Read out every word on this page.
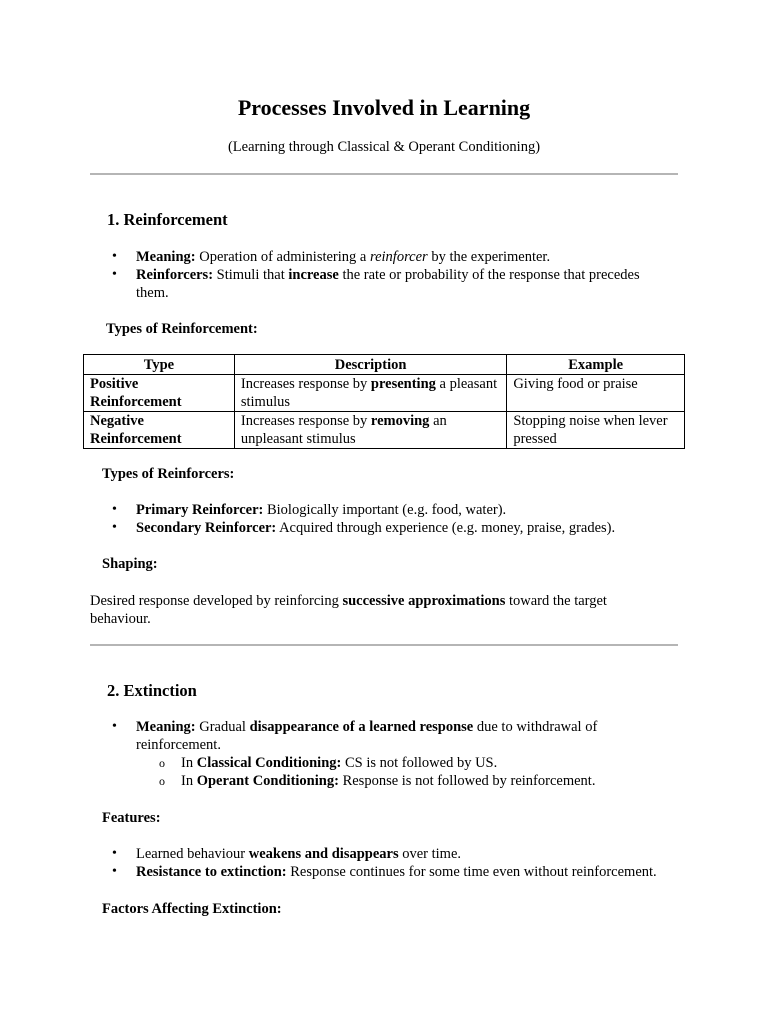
Processes Involved in Learning
(Learning through Classical & Operant Conditioning)
1. Reinforcement
• Meaning: Operation of administering a reinforcer by the experimenter.
• Reinforcers: Stimuli that increase the rate or probability of the response that precedes them.
Types of Reinforcement:
Type	Description	Example
Positive Reinforcement	Increases response by presenting a pleasant stimulus	Giving food or praise
Negative Reinforcement	Increases response by removing an unpleasant stimulus	Stopping noise when lever pressed
Types of Reinforcers:
• Primary Reinforcer: Biologically important (e.g. food, water).
• Secondary Reinforcer: Acquired through experience (e.g. money, praise, grades).
Shaping:
Desired response developed by reinforcing successive approximations toward the target behaviour.
2. Extinction
• Meaning: Gradual disappearance of a learned response due to withdrawal of reinforcement.
o In Classical Conditioning: CS is not followed by US.
o In Operant Conditioning: Response is not followed by reinforcement.
Features:
• Learned behaviour weakens and disappears over time.
• Resistance to extinction: Response continues for some time even without reinforcement.
Factors Affecting Extinction:
